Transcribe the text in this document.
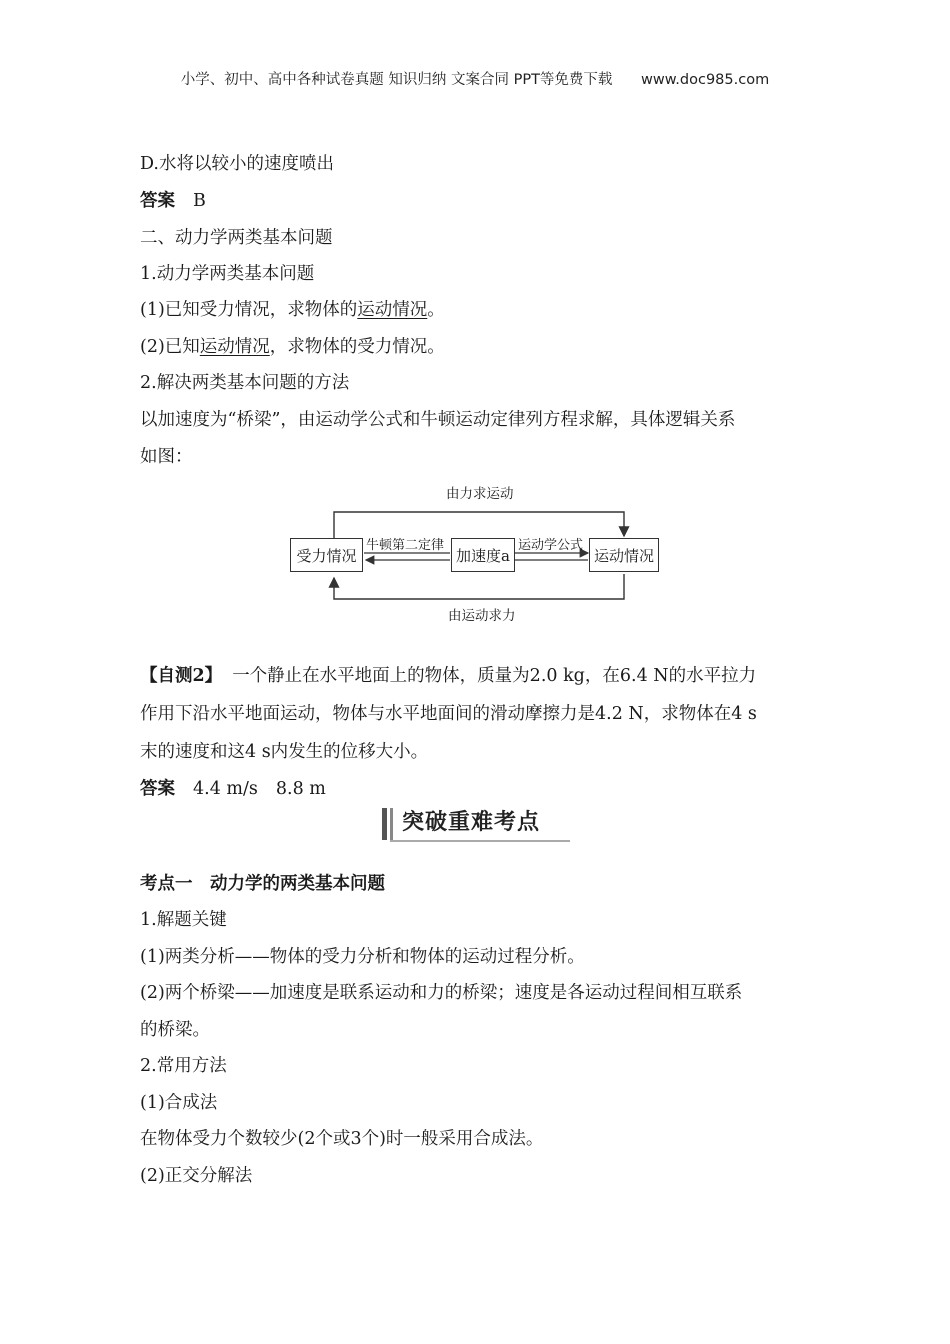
小学、初中、高中各种试卷真题 知识归纳 文案合同 PPT等免费下载 www.doc985.com
D.水将以较小的速度喷出
答案 B
二、动力学两类基本问题
1.动力学两类基本问题
(1)已知受力情况，求物体的运动情况。
(2)已知运动情况，求物体的受力情况。
2.解决两类基本问题的方法
以加速度为“桥梁”，由运动学公式和牛顿运动定律列方程求解，具体逻辑关系
如图：
由力求运动
由运动求力
受力情况	加速度a	运动情况
牛顿第二定律	运动学公式
【自测2】 一个静止在水平地面上的物体，质量为2.0 kg，在6.4 N的水平拉力
作用下沿水平地面运动，物体与水平地面间的滑动摩擦力是4.2 N，求物体在4 s
末的速度和这4 s内发生的位移大小。
答案 4.4 m/s 8.8 m
突破重难考点
考点一　动力学的两类基本问题
1.解题关键
(1)两类分析——物体的受力分析和物体的运动过程分析。
(2)两个桥梁——加速度是联系运动和力的桥梁；速度是各运动过程间相互联系
的桥梁。
2.常用方法
(1)合成法
在物体受力个数较少(2个或3个)时一般采用合成法。
(2)正交分解法
